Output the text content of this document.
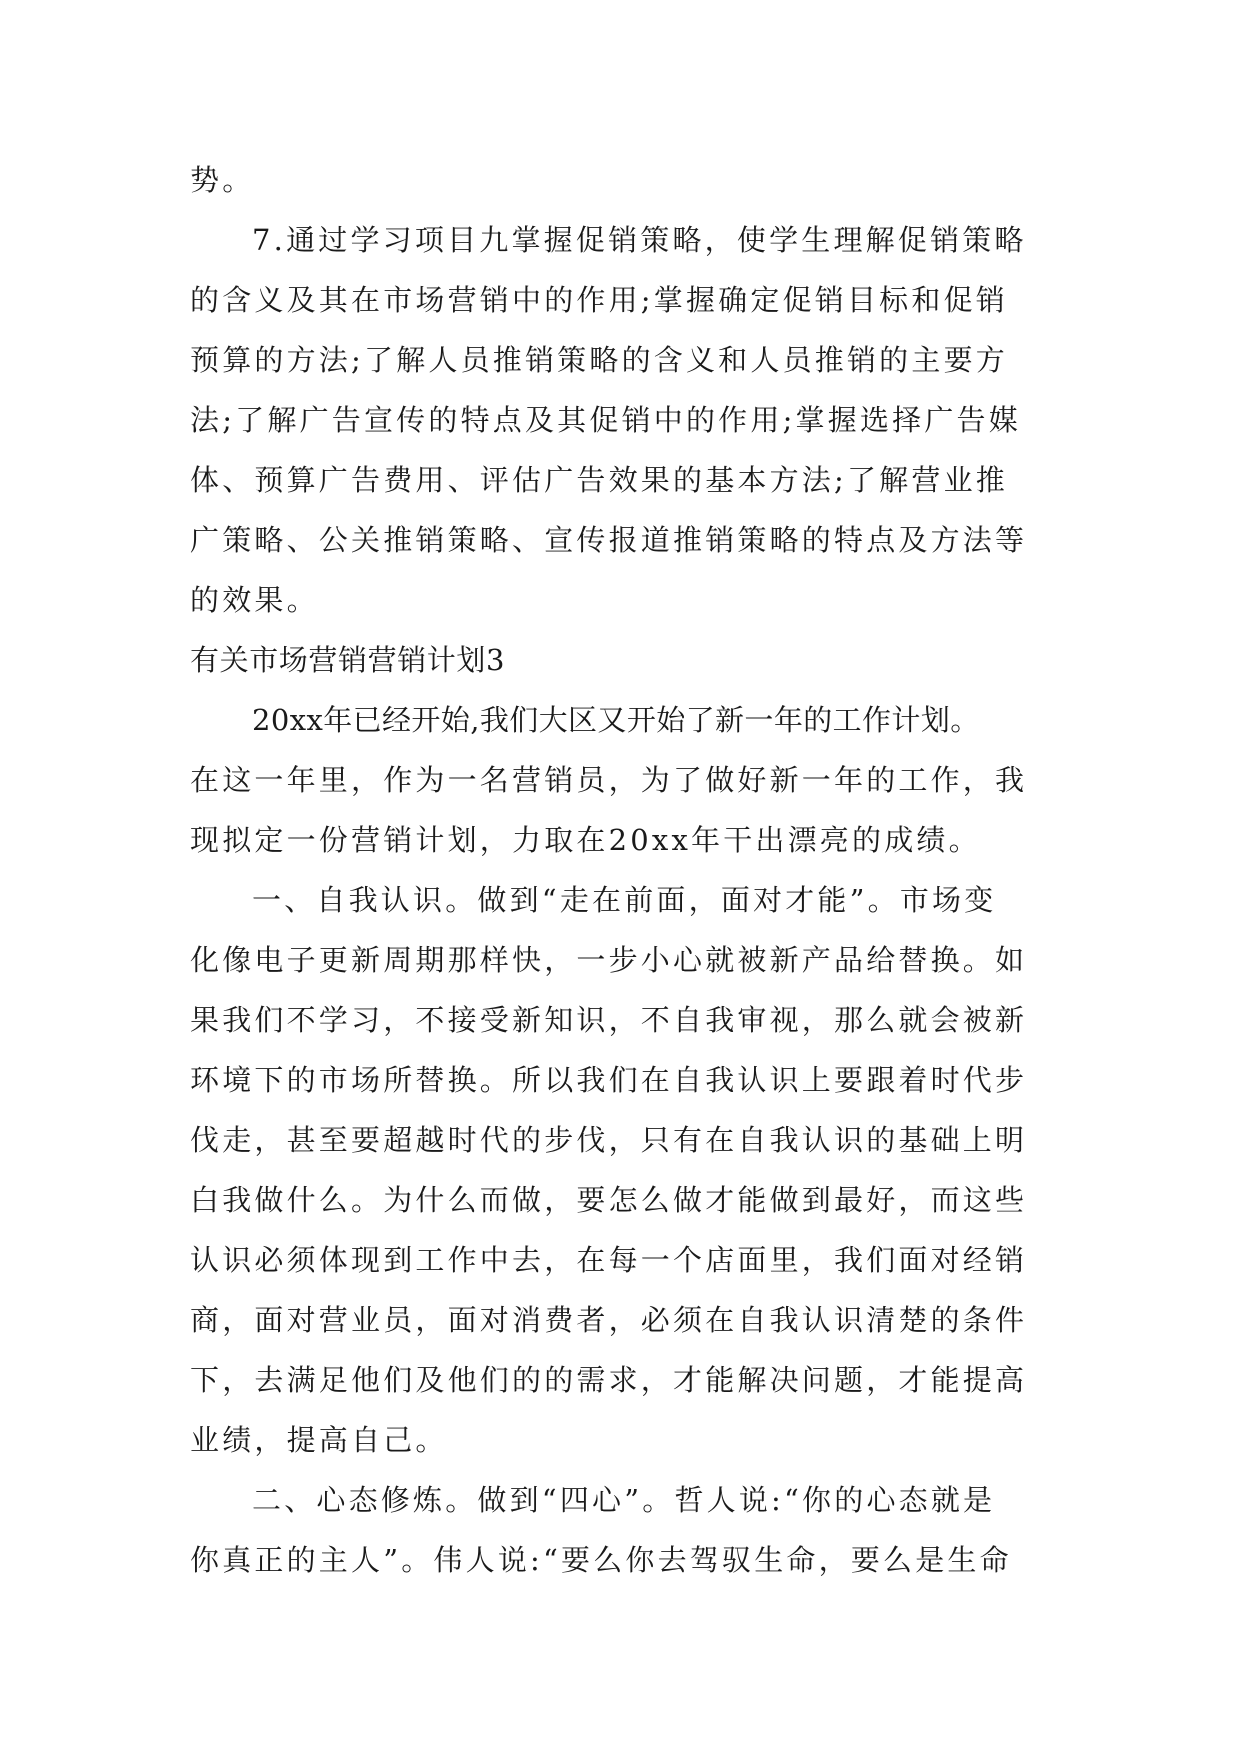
势。
7.通过学习项目九掌握促销策略，使学生理解促销策略
的含义及其在市场营销中的作用;掌握确定促销目标和促销
预算的方法;了解人员推销策略的含义和人员推销的主要方
法;了解广告宣传的特点及其促销中的作用;掌握选择广告媒
体、预算广告费用、评估广告效果的基本方法;了解营业推
广策略、公关推销策略、宣传报道推销策略的特点及方法等
的效果。
有关市场营销营销计划3
20xx年已经开始,我们大区又开始了新一年的工作计划。
在这一年里，作为一名营销员，为了做好新一年的工作，我
现拟定一份营销计划，力取在20xx年干出漂亮的成绩。
一、自我认识。做到“走在前面，面对才能”。市场变
化像电子更新周期那样快，一步小心就被新产品给替换。如
果我们不学习，不接受新知识，不自我审视，那么就会被新
环境下的市场所替换。所以我们在自我认识上要跟着时代步
伐走，甚至要超越时代的步伐，只有在自我认识的基础上明
白我做什么。为什么而做，要怎么做才能做到最好，而这些
认识必须体现到工作中去，在每一个店面里，我们面对经销
商，面对营业员，面对消费者，必须在自我认识清楚的条件
下，去满足他们及他们的的需求，才能解决问题，才能提高
业绩，提高自己。
二、心态修炼。做到“四心”。哲人说:“你的心态就是
你真正的主人”。伟人说:“要么你去驾驭生命，要么是生命
